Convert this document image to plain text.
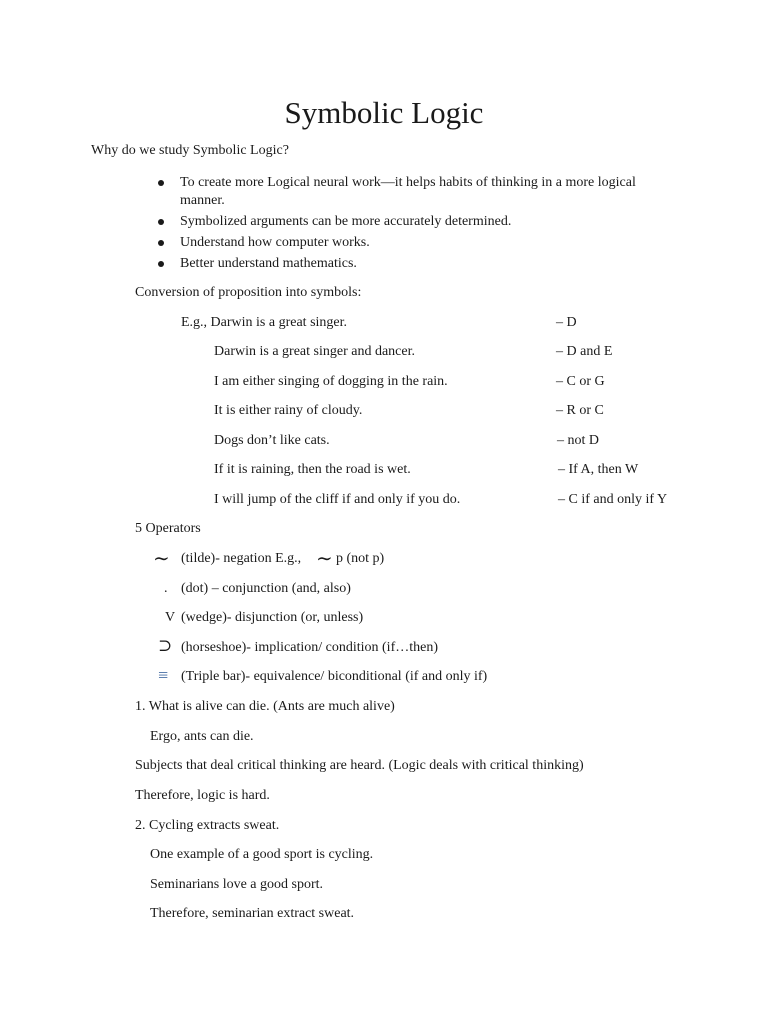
Symbolic Logic
Why do we study Symbolic Logic?
To create more Logical neural work—it helps habits of thinking in a more logical
manner.
Symbolized arguments can be more accurately determined.
Understand how computer works.
Better understand mathematics.
Conversion of proposition into symbols:
E.g., Darwin is a great singer.	– D
Darwin is a great singer and dancer.	– D and E
I am either singing of dogging in the rain.	– C or G
It is either rainy of cloudy.	– R or C
Dogs don’t like cats.	– not D
If it is raining, then the road is wet.	– If A, then W
I will jump of the cliff if and only if you do.	– C if and only if Y
5 Operators
∼ (tilde)- negation E.g., ∼ p (not p)
. (dot) – conjunction (and, also)
V (wedge)- disjunction (or, unless)
⊃ (horseshoe)- implication/ condition (if…then)
≡ (Triple bar)- equivalence/ biconditional (if and only if)
1. What is alive can die. (Ants are much alive)
Ergo, ants can die.
Subjects that deal critical thinking are heard. (Logic deals with critical thinking)
Therefore, logic is hard.
2. Cycling extracts sweat.
One example of a good sport is cycling.
Seminarians love a good sport.
Therefore, seminarian extract sweat.
